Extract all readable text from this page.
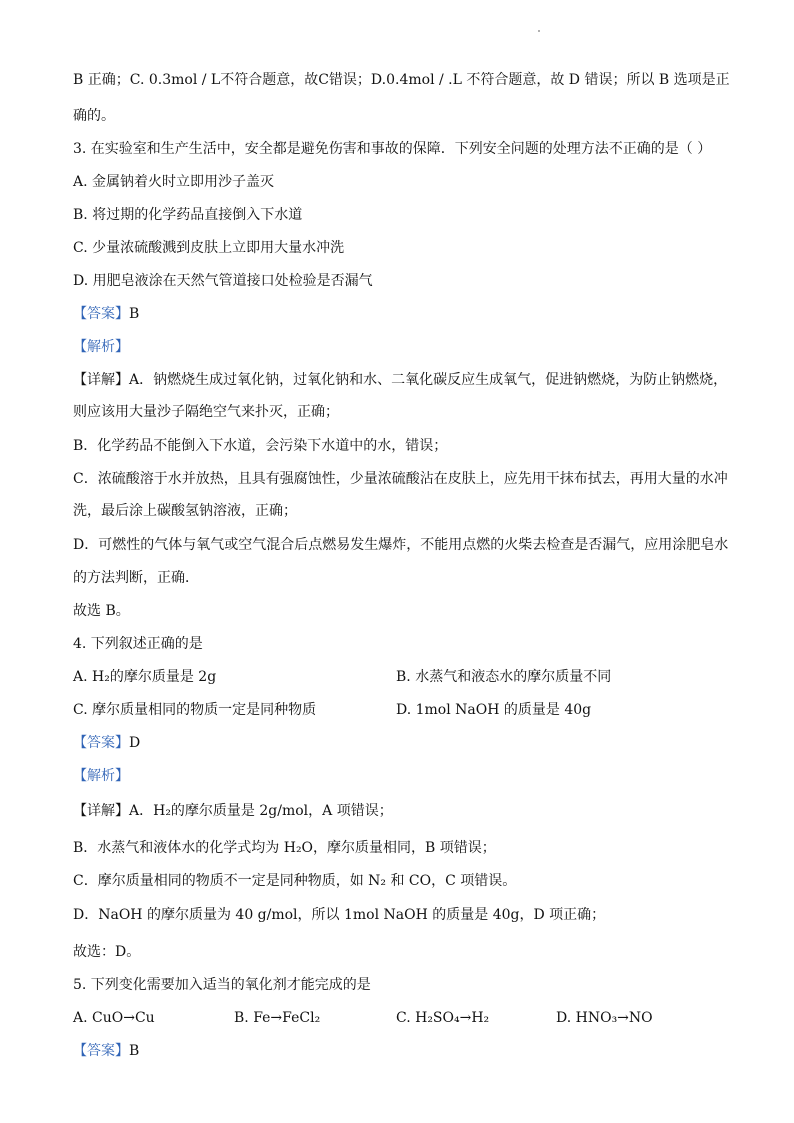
B 正确；C. 0.3mol / L不符合题意，故C错误；D.0.4mol / .L 不符合题意，故 D 错误；所以 B 选项是正
确的。
3. 在实验室和生产生活中，安全都是避免伤害和事故的保障．下列安全问题的处理方法不正确的是（ ）
A. 金属钠着火时立即用沙子盖灭
B. 将过期的化学药品直接倒入下水道
C. 少量浓硫酸溅到皮肤上立即用大量水冲洗
D. 用肥皂液涂在天然气管道接口处检验是否漏气
【答案】B
【解析】
【详解】A．钠燃烧生成过氧化钠，过氧化钠和水、二氧化碳反应生成氧气，促进钠燃烧，为防止钠燃烧，
则应该用大量沙子隔绝空气来扑灭，正确；
B．化学药品不能倒入下水道，会污染下水道中的水，错误；
C．浓硫酸溶于水并放热，且具有强腐蚀性，少量浓硫酸沾在皮肤上，应先用干抹布拭去，再用大量的水冲
洗，最后涂上碳酸氢钠溶液，正确；
D．可燃性的气体与氧气或空气混合后点燃易发生爆炸，不能用点燃的火柴去检查是否漏气，应用涂肥皂水
的方法判断，正确．
故选 B。
4. 下列叙述正确的是
A. H₂的摩尔质量是 2g	B. 水蒸气和液态水的摩尔质量不同
C. 摩尔质量相同的物质一定是同种物质	D. 1mol NaOH 的质量是 40g
【答案】D
【解析】
【详解】A．H₂的摩尔质量是 2g/mol，A 项错误；
B．水蒸气和液体水的化学式均为 H₂O，摩尔质量相同，B 项错误；
C．摩尔质量相同的物质不一定是同种物质，如 N₂ 和 CO，C 项错误。
D．NaOH 的摩尔质量为 40 g/mol，所以 1mol NaOH 的质量是 40g，D 项正确；
故选：D。
5. 下列变化需要加入适当的氧化剂才能完成的是
A. CuO→Cu	B. Fe→FeCl₂	C. H₂SO₄→H₂	D. HNO₃→NO
【答案】B
